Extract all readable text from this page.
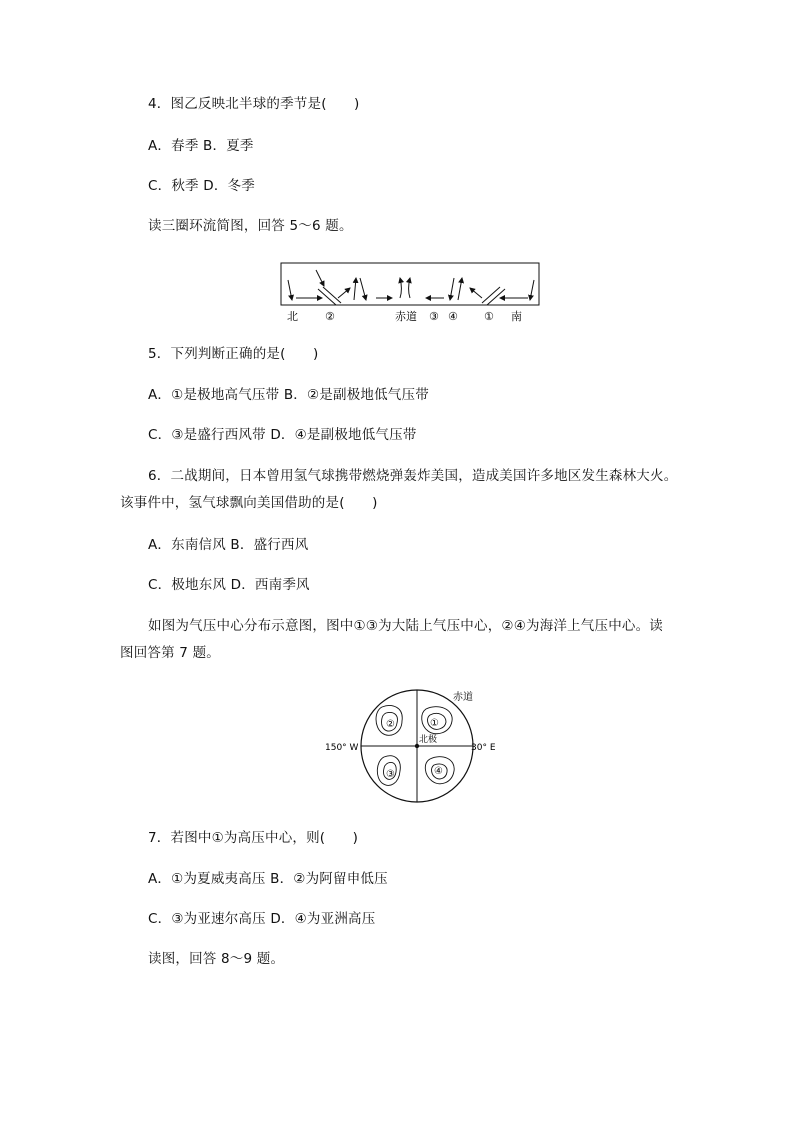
4．图乙反映北半球的季节是(　　)
A．春季 B．夏季
C．秋季 D．冬季
读三圈环流简图，回答 5～6 题。
北 ②	赤道 ③ ④ ① 南
5．下列判断正确的是(　　)
A．①是极地高气压带 B．②是副极地低气压带
C．③是盛行西风带 D．④是副极地低气压带
6．二战期间，日本曾用氢气球携带燃烧弹轰炸美国，造成美国许多地区发生森林大火。
该事件中，氢气球飘向美国借助的是(　　)
A．东南信风 B．盛行西风
C．极地东风 D．西南季风
如图为气压中心分布示意图，图中①③为大陆上气压中心，②④为海洋上气压中心。读
图回答第 7 题。
①
②
③	④
赤道
北极
150° W	30° E
7．若图中①为高压中心，则(　　)
A．①为夏威夷高压 B．②为阿留申低压
C．③为亚速尔高压 D．④为亚洲高压
读图，回答 8～9 题。
